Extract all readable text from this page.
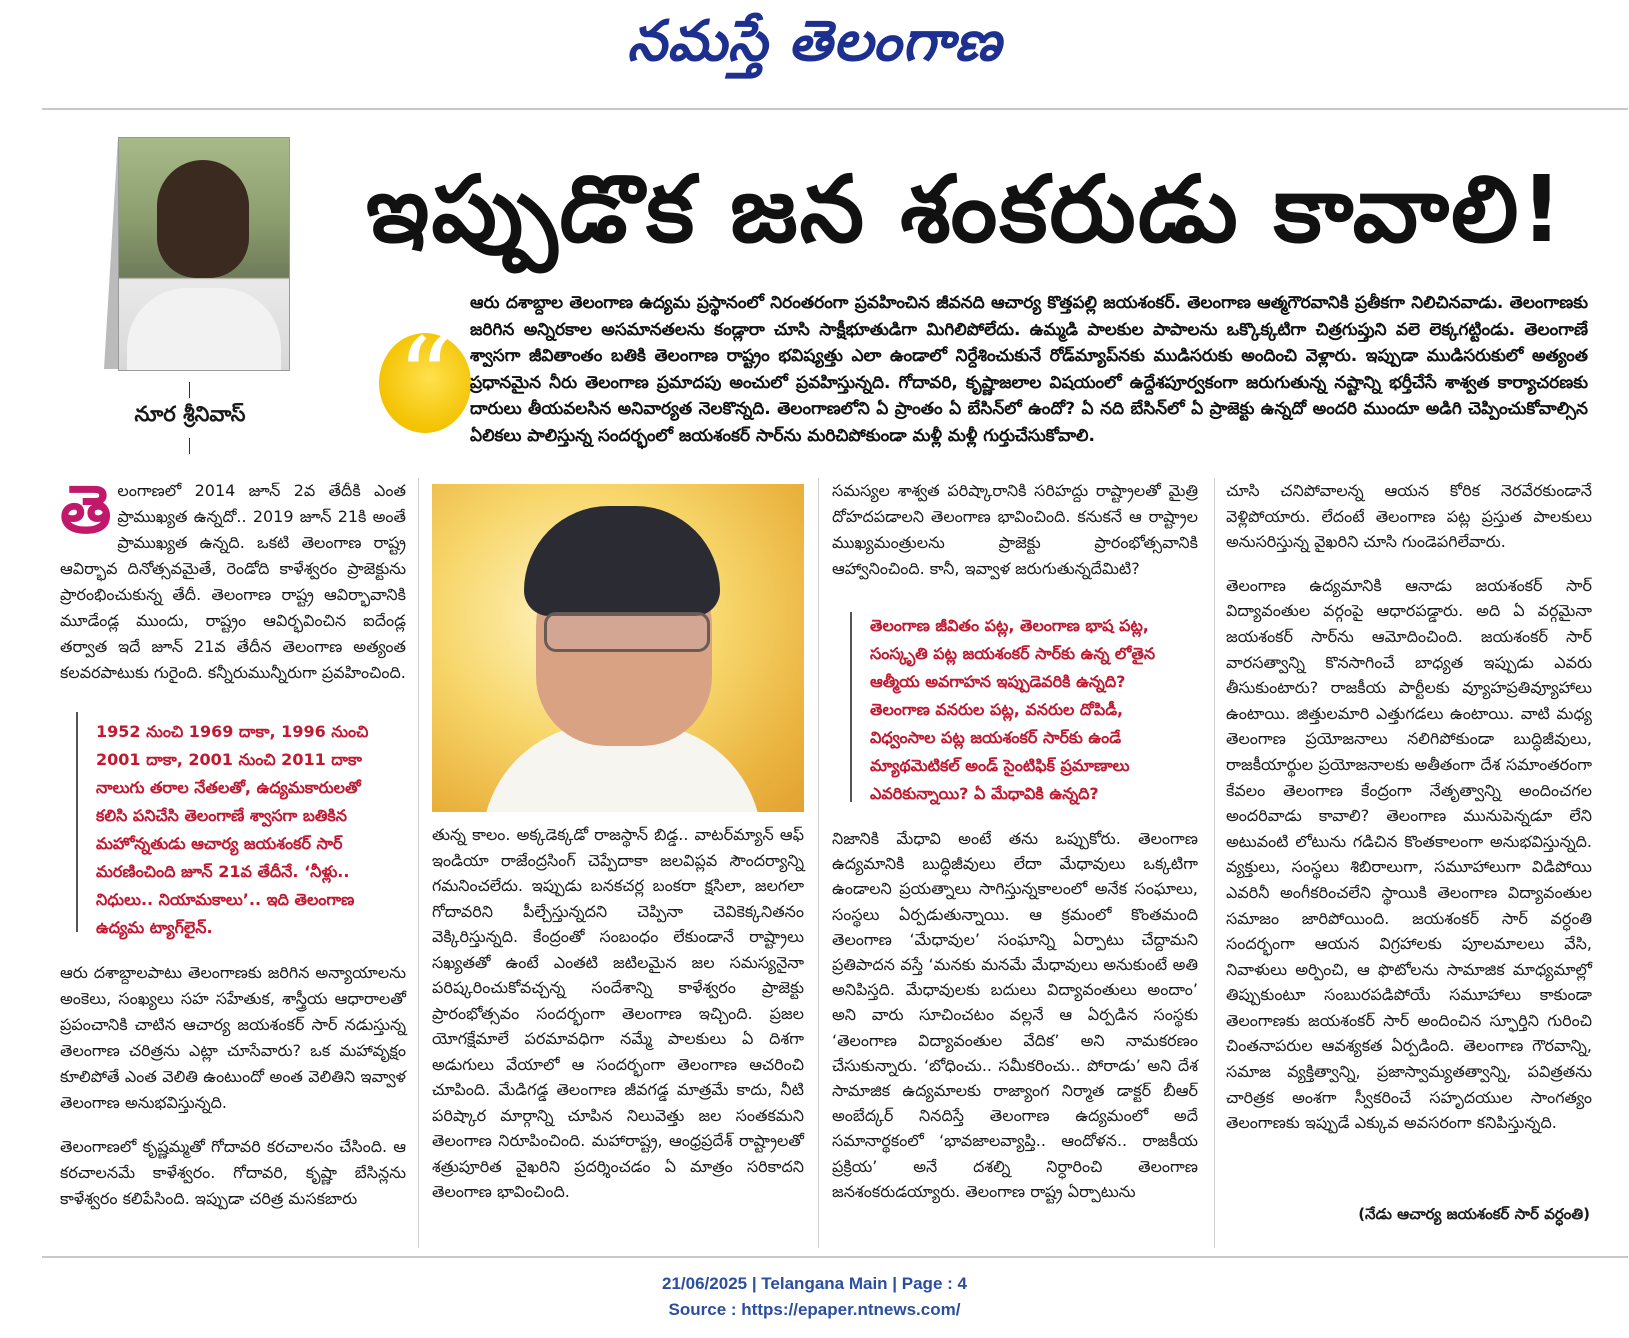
నమస్తే తెలంగాణ
నూర శ్రీనివాస్
ఇప్పుడొక జన శంకరుడు కావాలి!
“
ఆరు దశాబ్దాల తెలంగాణ ఉద్యమ ప్రస్థానంలో నిరంతరంగా ప్రవహించిన జీవనది ఆచార్య కొత్తపల్లి జయశంకర్. తెలంగాణ ఆత్మగౌరవానికి ప్రతీకగా నిలిచినవాడు. తెలంగాణకు జరిగిన అన్నిరకాల అసమానతలను కండ్లారా చూసి సాక్షీభూతుడిగా మిగిలిపోలేదు. ఉమ్మడి పాలకుల పాపాలను ఒక్కొక్కటిగా చిత్రగుప్తుని వలె లెక్కగట్టిండు. తెలంగాణే శ్వాసగా జీవితాంతం బతికి తెలంగాణ రాష్ట్రం భవిష్యత్తు ఎలా ఉండాలో నిర్దేశించుకునే రోడ్‌మ్యాప్‌నకు ముడిసరుకు అందించి వెళ్లారు. ఇప్పుడా ముడిసరుకులో అత్యంత ప్రధానమైన నీరు తెలంగాణ ప్రమాదపు అంచులో ప్రవహిస్తున్నది. గోదావరి, కృష్ణాజలాల విషయంలో ఉద్దేశపూర్వకంగా జరుగుతున్న నష్టాన్ని భర్తీచేసే శాశ్వత కార్యాచరణకు దారులు తీయవలసిన అనివార్యత నెలకొన్నది. తెలంగాణలోని ఏ ప్రాంతం ఏ బేసిన్‌లో ఉందో? ఏ నది బేసిన్‌లో ఏ ప్రాజెక్టు ఉన్నదో అందరి ముందూ అడిగి చెప్పించుకోవాల్సిన ఏలికలు పాలిస్తున్న సందర్భంలో జయశంకర్ సార్‌ను మరిచిపోకుండా మళ్లీ మళ్లీ గుర్తుచేసుకోవాలి.

తెలంగాణలో 2014 జూన్ 2వ తేదీకి ఎంత ప్రాముఖ్యత ఉన్నదో.. 2019 జూన్ 21కి అంతే ప్రాముఖ్యత ఉన్నది. ఒకటి తెలంగాణ రాష్ట్ర ఆవిర్భావ దినోత్సవమైతే, రెండోది కాళేశ్వరం ప్రాజెక్టును ప్రారంభించుకున్న తేదీ. తెలంగాణ రాష్ట్ర ఆవిర్భావానికి మూడేండ్ల ముందు, రాష్ట్రం ఆవిర్భవించిన ఐదేండ్ల తర్వాత ఇదే జూన్ 21వ తేదీన తెలంగాణ అత్యంత కలవరపాటుకు గురైంది. కన్నీరుమున్నీరుగా ప్రవహించింది.

1952 నుంచి 1969 దాకా, 1996 నుంచి 2001 దాకా, 2001 నుంచి 2011 దాకా నాలుగు తరాల నేతలతో, ఉద్యమకారులతో కలిసి పనిచేసి తెలంగాణే శ్వాసగా బతికిన మహోన్నతుడు ఆచార్య జయశంకర్ సార్ మరణించింది జూన్ 21వ తేదీనే. ‘నీళ్లు.. నిధులు.. నియామకాలు’.. ఇది తెలంగాణ ఉద్యమ ట్యాగ్‌లైన్.

ఆరు దశాబ్దాలపాటు తెలంగాణకు జరిగిన అన్యాయాలను అంకెలు, సంఖ్యలు సహ సహేతుక, శాస్త్రీయ ఆధారాలతో ప్రపంచానికి చాటిన ఆచార్య జయశంకర్ సార్ నడుస్తున్న తెలంగాణ చరిత్రను ఎట్లా చూసేవారు? ఒక మహావృక్షం కూలిపోతే ఎంత వెలితి ఉంటుందో అంత వెలితిని ఇవ్వాళ తెలంగాణ అనుభవిస్తున్నది.

తెలంగాణలో కృష్ణమ్మతో గోదావరి కరచాలనం చేసింది. ఆ కరచాలనమే కాళేశ్వరం. గోదావరి, కృష్ణా బేసిన్లను కాళేశ్వరం కలిపేసింది. ఇప్పుడా చరిత్ర మసకబారు

తున్న కాలం. అక్కడెక్కడో రాజస్థాన్ బిడ్డ.. వాటర్‌మ్యాన్ ఆఫ్ ఇండియా రాజేంద్రసింగ్ చెప్పేదాకా జలవిప్లవ సౌందర్యాన్ని గమనించలేదు. ఇప్పుడు బనకచర్ల బంకరా క్షసిలా, జలగలా గోదావరిని పీల్చేస్తున్నదని చెప్పినా చెవికెక్కనితనం వెక్కిరిస్తున్నది. కేంద్రంతో సంబంధం లేకుండానే రాష్ట్రాలు సఖ్యతతో ఉంటే ఎంతటి జటిలమైన జల సమస్యనైనా పరిష్కరించుకోవచ్చన్న సందేశాన్ని కాళేశ్వరం ప్రాజెక్టు ప్రారంభోత్సవం సందర్భంగా తెలంగాణ ఇచ్చింది. ప్రజల యోగక్షేమాలే పరమావధిగా నమ్మే పాలకులు ఏ దిశగా అడుగులు వేయాలో ఆ సందర్భంగా తెలంగాణ ఆచరించి చూపింది. మేడిగడ్డ తెలంగాణ జీవగడ్డ మాత్రమే కాదు, నీటి పరిష్కార మార్గాన్ని చూపిన నిలువెత్తు జల సంతకమని తెలంగాణ నిరూపించింది. మహారాష్ట్ర, ఆంధ్రప్రదేశ్ రాష్ట్రాలతో శత్రుపూరిత వైఖరిని ప్రదర్శించడం ఏ మాత్రం సరికాదని తెలంగాణ భావించింది.

సమస్యల శాశ్వత పరిష్కారానికి సరిహద్దు రాష్ట్రాలతో మైత్రి దోహదపడాలని తెలంగాణ భావించింది. కనుకనే ఆ రాష్ట్రాల ముఖ్యమంత్రులను ప్రాజెక్టు ప్రారంభోత్సవానికి ఆహ్వానించింది. కానీ, ఇవ్వాళ జరుగుతున్నదేమిటి?

తెలంగాణ జీవితం పట్ల, తెలంగాణ భాష పట్ల, సంస్కృతి పట్ల జయశంకర్ సార్‌కు ఉన్న లోతైన ఆత్మీయ అవగాహన ఇప్పుడెవరికి ఉన్నది? తెలంగాణ వనరుల పట్ల, వనరుల దోపిడీ, విధ్వంసాల పట్ల జయశంకర్ సార్‌కు ఉండే మ్యాథమెటికల్ అండ్ సైంటిఫిక్ ప్రమాణాలు ఎవరికున్నాయి? ఏ మేధావికి ఉన్నది?

నిజానికి మేధావి అంటే తను ఒప్పుకోరు. తెలంగాణ ఉద్యమానికి బుద్ధిజీవులు లేదా మేధావులు ఒక్కటిగా ఉండాలని ప్రయత్నాలు సాగిస్తున్నకాలంలో అనేక సంఘాలు, సంస్థలు ఏర్పడుతున్నాయి. ఆ క్రమంలో కొంతమంది తెలంగాణ ‘మేధావుల’ సంఘాన్ని ఏర్పాటు చేద్దామని ప్రతిపాదన వస్తే ‘మనకు మనమే మేధావులు అనుకుంటే అతి అనిపిస్తది. మేధావులకు బదులు విద్యావంతులు అందాం’ అని వారు సూచించటం వల్లనే ఆ ఏర్పడిన సంస్థకు ‘తెలంగాణ విద్యావంతుల వేదిక’ అని నామకరణం చేసుకున్నారు. ‘బోధించు.. సమీకరించు.. పోరాడు’ అని దేశ సామాజిక ఉద్యమాలకు రాజ్యాంగ నిర్మాత డాక్టర్ బీఆర్ అంబేద్కర్ నినదిస్తే తెలంగాణ ఉద్యమంలో అదే సమానార్థకంలో ‘భావజాలవ్యాప్తి.. ఆందోళన.. రాజకీయ ప్రక్రియ’ అనే దశల్ని నిర్ధారించి తెలంగాణ జనశంకరుడయ్యారు. తెలంగాణ రాష్ట్ర ఏర్పాటును

చూసి చనిపోవాలన్న ఆయన కోరిక నెరవేరకుండానే వెళ్లిపోయారు. లేదంటే తెలంగాణ పట్ల ప్రస్తుత పాలకులు అనుసరిస్తున్న వైఖరిని చూసి గుండెపగిలేవారు.

తెలంగాణ ఉద్యమానికి ఆనాడు జయశంకర్ సార్ విద్యావంతుల వర్గంపై ఆధారపడ్డారు. అది ఏ వర్గమైనా జయశంకర్ సార్‌ను ఆమోదించింది. జయశంకర్ సార్ వారసత్వాన్ని కొనసాగించే బాధ్యత ఇప్పుడు ఎవరు తీసుకుంటారు? రాజకీయ పార్టీలకు వ్యూహప్రతివ్యూహాలు ఉంటాయి. జిత్తులమారి ఎత్తుగడలు ఉంటాయి. వాటి మధ్య తెలంగాణ ప్రయోజనాలు నలిగిపోకుండా బుద్ధిజీవులు, రాజకీయార్థుల ప్రయోజనాలకు అతీతంగా దేశ సమాంతరంగా కేవలం తెలంగాణ కేంద్రంగా నేతృత్వాన్ని అందించగల అందరివాడు కావాలి? తెలంగాణ మునుపెన్నడూ లేని అటువంటి లోటును గడిచిన కొంతకాలంగా అనుభవిస్తున్నది. వ్యక్తులు, సంస్థలు శిబిరాలుగా, సమూహాలుగా విడిపోయి ఎవరినీ అంగీకరించలేని స్థాయికి తెలంగాణ విద్యావంతుల సమాజం జారిపోయింది. జయశంకర్ సార్ వర్ధంతి సందర్భంగా ఆయన విగ్రహాలకు పూలమాలలు వేసి, నివాళులు అర్పించి, ఆ ఫొటోలను సామాజిక మాధ్యమాల్లో తిప్పుకుంటూ సంబురపడిపోయే సమూహాలు కాకుండా తెలంగాణకు జయశంకర్ సార్ అందించిన స్ఫూర్తిని గురించి చింతనాపరుల ఆవశ్యకత ఏర్పడింది. తెలంగాణ గౌరవాన్ని, సమాజ వ్యక్తిత్వాన్ని, ప్రజాస్వామ్యతత్వాన్ని, పవిత్రతను చారిత్రక అంశగా స్వీకరించే సహృదయుల సాంగత్యం తెలంగాణకు ఇప్పుడే ఎక్కువ అవసరంగా కనిపిస్తున్నది.

(నేడు ఆచార్య జయశంకర్ సార్ వర్ధంతి)
21/06/2025 | Telangana Main | Page : 4
Source : https://epaper.ntnews.com/
